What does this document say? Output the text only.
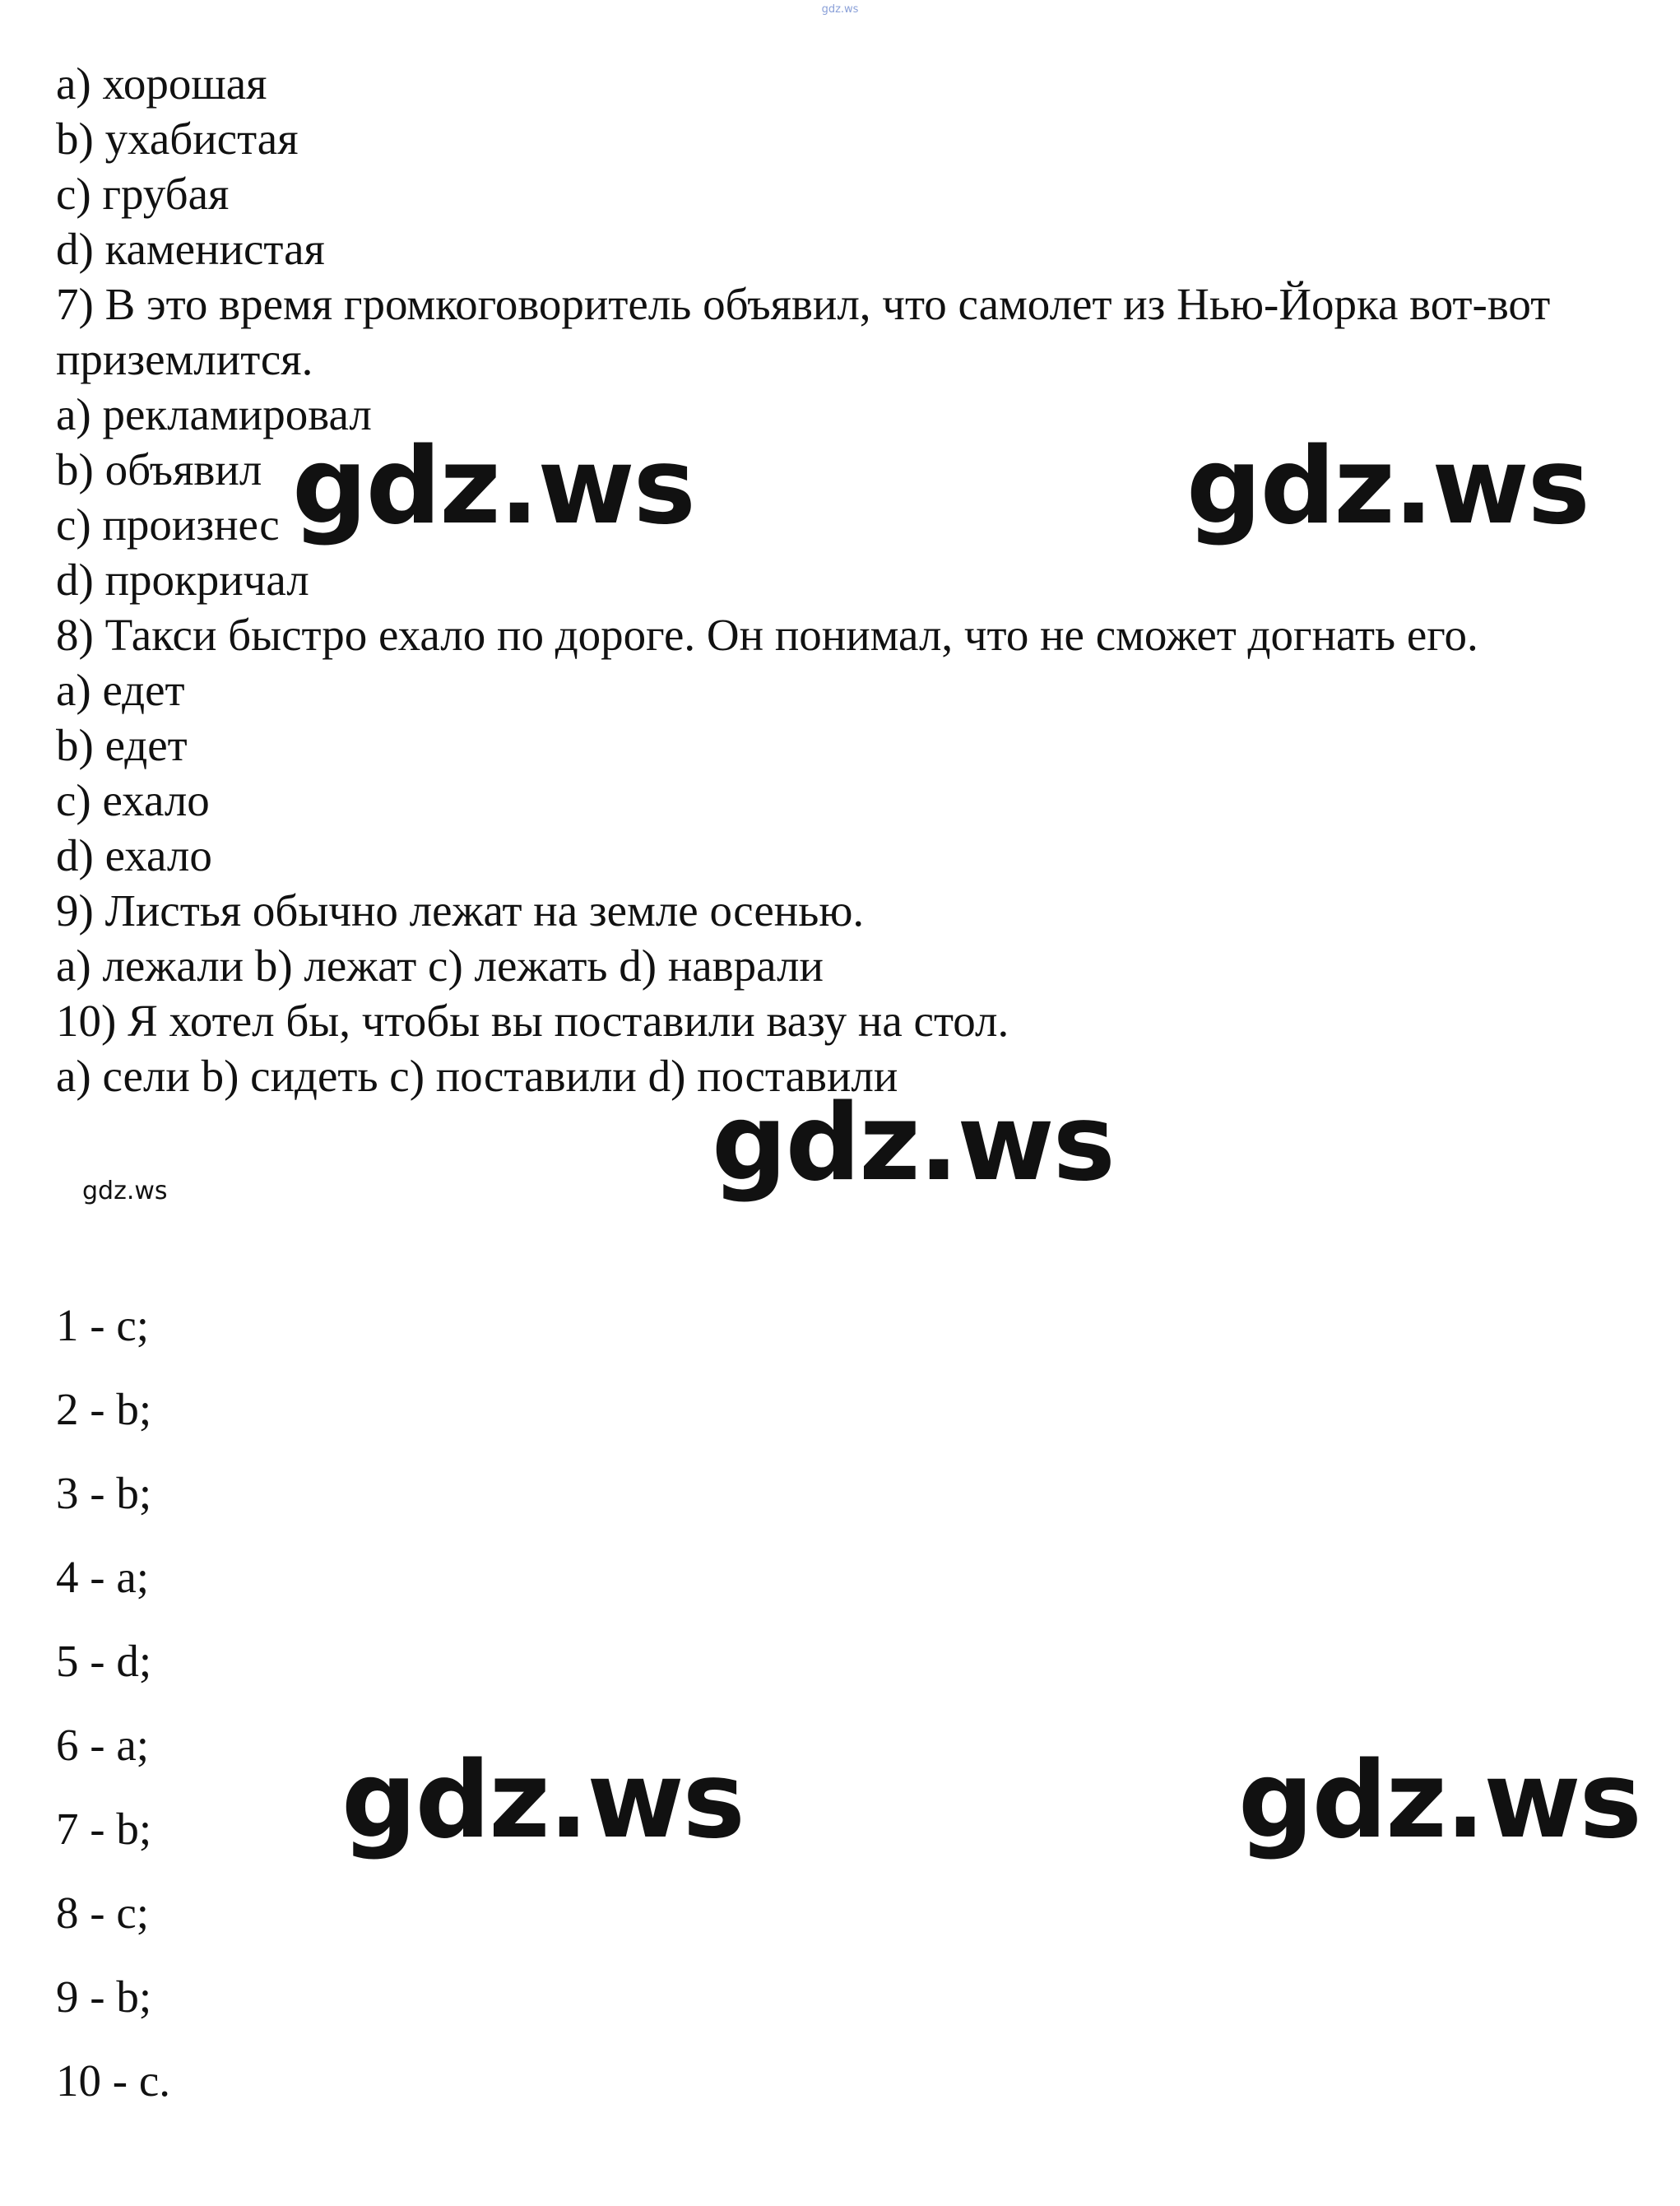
gdz.ws
a) хорошая
b) ухабистая
c) грубая
d) каменистая
7) В это время громкоговоритель объявил, что самолет из Нью-Йорка вот-вот
приземлится.
a) рекламировал
b) объявил
c) произнес
d) прокричал
8) Такси быстро ехало по дороге. Он понимал, что не сможет догнать его.
a) едет
b) едет
c) ехало
d) ехало
9) Листья обычно лежат на земле осенью.
a) лежали b) лежат c) лежать d) наврали
10) Я хотел бы, чтобы вы поставили вазу на стол.
a) сели b) сидеть c) поставили d) поставили
1 - c;
2 - b;
3 - b;
4 - a;
5 - d;
6 - a;
7 - b;
8 - c;
9 - b;
10 - c.
gdz.ws	gdz.ws
gdz.ws
gdz.ws	gdz.ws
gdz.ws
